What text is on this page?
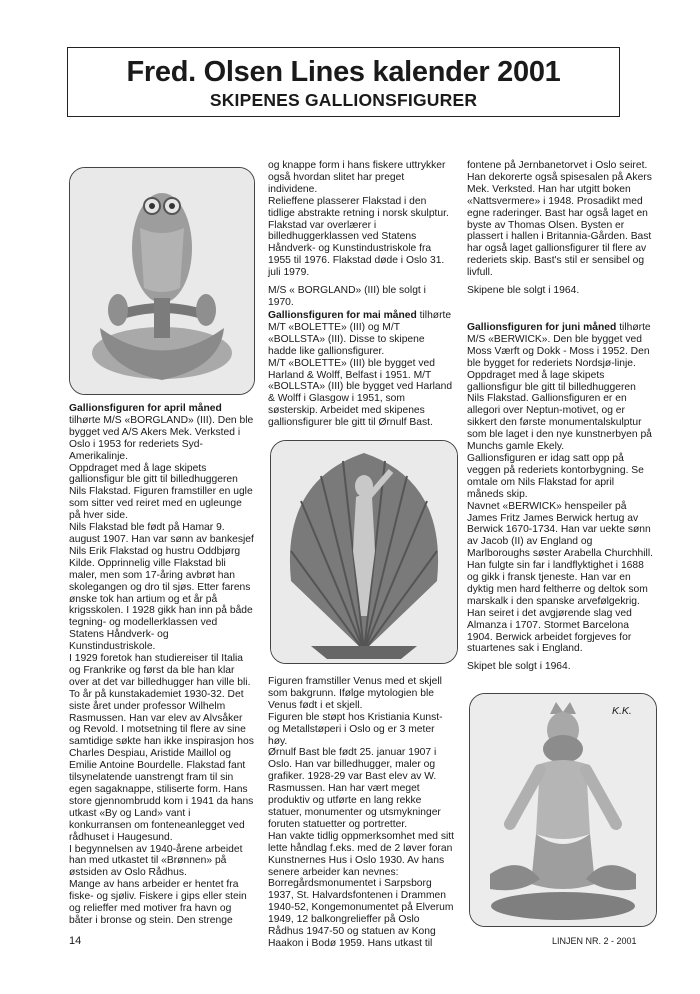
Fred. Olsen Lines kalender 2001
SKIPENES GALLIONSFIGURER

Gallionsfiguren for april måned tilhørte M/S «BORGLAND» (III). Den ble bygget ved A/S Akers Mek. Verksted i Oslo i 1953 for rederiets Syd-Amerikalinje.

Oppdraget med å lage skipets gallionsfigur ble gitt til billedhuggeren Nils Flakstad. Figuren framstiller en ugle som sitter ved reiret med en ugleunge på hver side.

Nils Flakstad ble født på Hamar 9. august 1907. Han var sønn av bankesjef Nils Erik Flakstad og hustru Oddbjørg Kilde. Opprinnelig ville Flakstad bli maler, men som 17-åring avbrøt han skolegangen og dro til sjøs. Etter farens ønske tok han artium og et år på krigsskolen. I 1928 gikk han inn på både tegning- og modellerklassen ved Statens Håndverk- og Kunstindustriskole.

I 1929 foretok han studiereiser til Italia og Frankrike og først da ble han klar over at det var billedhugger han ville bli. To år på kunstakademiet 1930-32. Det siste året under professor Wilhelm Rasmussen. Han var elev av Alvsåker og Revold. I motsetning til flere av sine samtidige søkte han ikke inspirasjon hos Charles Despiau, Aristide Maillol og Emilie Antoine Bourdelle. Flakstad fant tilsynelatende uanstrengt fram til sin egen sagaknappe, stiliserte form. Hans store gjennombrudd kom i 1941 da hans utkast «By og Land» vant i konkurransen om fonteneanlegget ved rådhuset i Haugesund.

I begynnelsen av 1940-årene arbeidet han med utkastet til «Brønnen» på østsiden av Oslo Rådhus.

Mange av hans arbeider er hentet fra fiske- og sjøliv. Fiskere i gips eller stein og relieffer med motiver fra havn og båter i bronse og stein. Den strenge

og knappe form i hans fiskere uttrykker også hvordan slitet har preget individene.

Relieffene plasserer Flakstad i den tidlige abstrakte retning i norsk skulptur. Flakstad var overlærer i billedhuggerklassen ved Statens Håndverk- og Kunstindustriskole fra 1955 til 1976. Flakstad døde i Oslo 31. juli 1979.

M/S « BORGLAND» (III) ble solgt i 1970.

Gallionsfiguren for mai måned tilhørte M/T «BOLETTE» (III) og M/T «BOLLSTA» (III). Disse to skipene hadde like gallionsfigurer.

M/T «BOLETTE» (III) ble bygget ved Harland & Wolff, Belfast i 1951. M/T «BOLLSTA» (III) ble bygget ved Harland & Wolff i Glasgow i 1951, som søsterskip. Arbeidet med skipenes gallionsfigurer ble gitt til Ørnulf Bast.

Figuren framstiller Venus med et skjell som bakgrunn. Ifølge mytologien ble Venus født i et skjell.

Figuren ble støpt hos Kristiania Kunst- og Metallstøperi i Oslo og er 3 meter høy.

Ørnulf Bast ble født 25. januar 1907 i Oslo. Han var billedhugger, maler og grafiker. 1928-29 var Bast elev av W. Rasmussen. Han har vært meget produktiv og utførte en lang rekke statuer, monumenter og utsmykninger foruten statuetter og portretter.

Han vakte tidlig oppmerksomhet med sitt lette håndlag f.eks. med de 2 løver foran Kunstnernes Hus i Oslo 1930. Av hans senere arbeider kan nevnes: Borregårdsmonumentet i Sarpsborg 1937, St. Halvardsfontenen i Drammen 1940-52, Kongemonumentet på Elverum 1949, 12 balkongrelieffer på Oslo Rådhus 1947-50 og statuen av Kong Haakon i Bodø 1959. Hans utkast til

fontene på Jernbanetorvet i Oslo seiret. Han dekorerte også spisesalen på Akers Mek. Verksted. Han har utgitt boken «Nattsvermere» i 1948. Prosadikt med egne raderinger. Bast har også laget en byste av Thomas Olsen. Bysten er plassert i hallen i Britannia-Gården. Bast har også laget gallionsfigurer til flere av rederiets skip. Bast's stil er sensibel og livfull.

Skipene ble solgt i 1964.

Gallionsfiguren for juni måned tilhørte M/S «BERWICK». Den ble bygget ved Moss Værft og Dokk - Moss i 1952. Den ble bygget for rederiets Nordsjø-linje.

Oppdraget med å lage skipets gallionsfigur ble gitt til billedhuggeren Nils Flakstad. Gallionsfiguren er en allegori over Neptun-motivet, og er sikkert den første monumentalskulptur som ble laget i den nye kunstnerbyen på Munchs gamle Ekely.

Gallionsfiguren er idag satt opp på veggen på rederiets kontorbygning. Se omtale om Nils Flakstad for april måneds skip.

Navnet «BERWICK» henspeiler på James Fritz James Berwick hertug av Berwick 1670-1734. Han var uekte sønn av Jacob (II) av England og Marlboroughs søster Arabella Churchhill. Han fulgte sin far i landflyktighet i 1688 og gikk i fransk tjeneste. Han var en dyktig men hard feltherre og deltok som marskalk i den spanske arvefølgekrig. Han seiret i det avgjørende slag ved Almanza i 1707. Stormet Barcelona 1904. Berwick arbeidet forgjeves for stuartenes sak i England.

Skipet ble solgt i 1964.

K.K.
14	LINJEN NR. 2 - 2001
